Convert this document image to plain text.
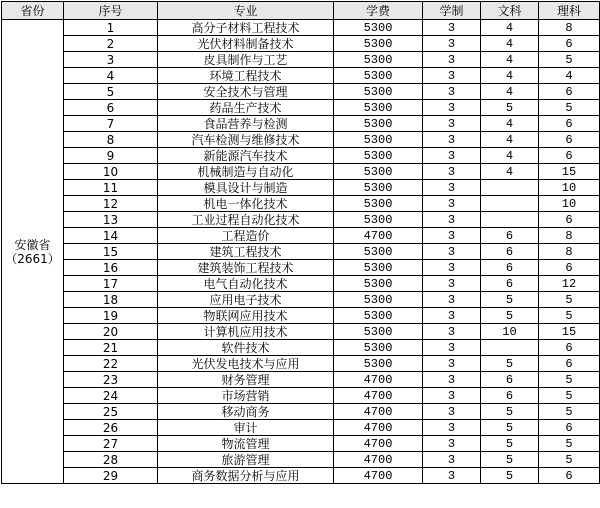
省份	序号	专业	学费	学制	文科	理科

安徽省
（2661）	1	高分子材料工程技术	5300	3	4	8
	2	光伏材料制备技术	5300	3	4	6
	3	皮具制作与工艺	5300	3	4	5
	4	环境工程技术	5300	3	4	4
	5	安全技术与管理	5300	3	4	6
	6	药品生产技术	5300	3	5	5
	7	食品营养与检测	5300	3	4	6
	8	汽车检测与维修技术	5300	3	4	6
	9	新能源汽车技术	5300	3	4	6
	10	机械制造与自动化	5300	3	4	15
	11	模具设计与制造	5300	3		10
	12	机电一体化技术	5300	3		10
	13	工业过程自动化技术	5300	3		6
	14	工程造价	4700	3	6	8
	15	建筑工程技术	5300	3	6	8
	16	建筑装饰工程技术	5300	3	6	6
	17	电气自动化技术	5300	3	6	12
	18	应用电子技术	5300	3	5	5
	19	物联网应用技术	5300	3	5	5
	20	计算机应用技术	5300	3	10	15
	21	软件技术	5300	3		6
	22	光伏发电技术与应用	5300	3	5	6
	23	财务管理	4700	3	6	5
	24	市场营销	4700	3	6	5
	25	移动商务	4700	3	5	5
	26	审计	4700	3	5	6
	27	物流管理	4700	3	5	5
	28	旅游管理	4700	3	5	5
	29	商务数据分析与应用	4700	3	5	6
